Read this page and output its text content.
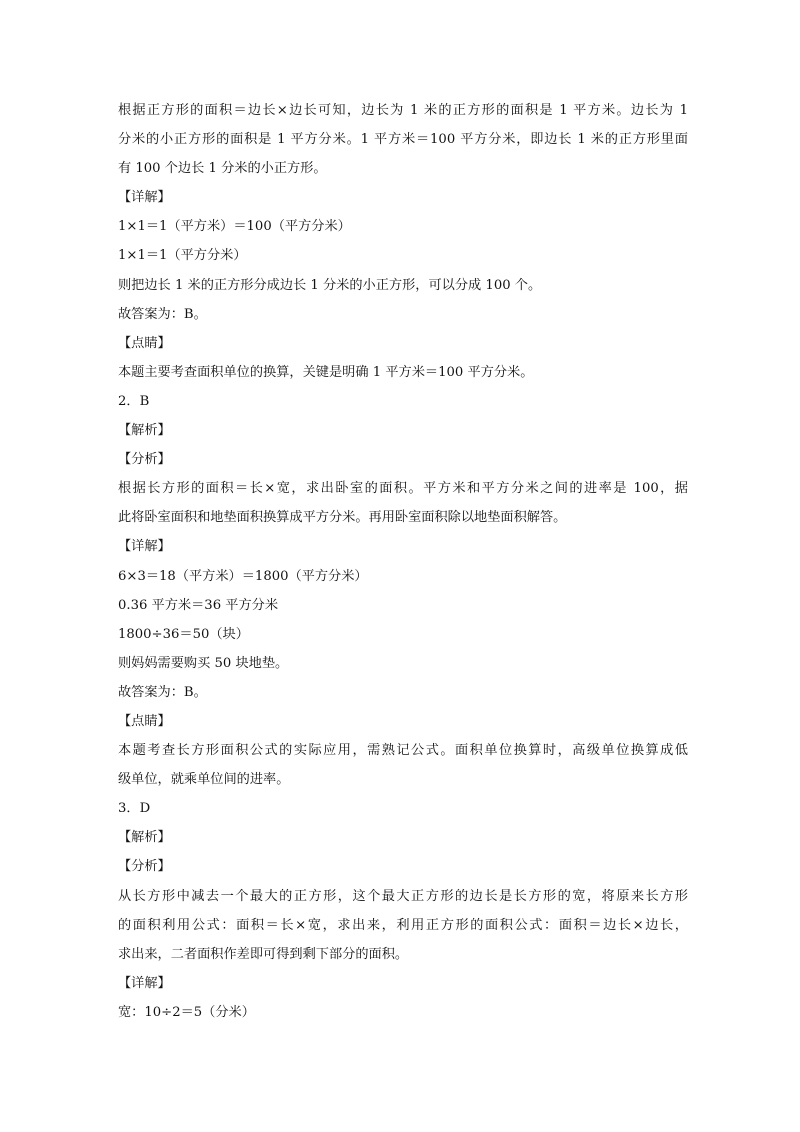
根据正方形的面积＝边长×边长可知，边长为 1 米的正方形的面积是 1 平方米。边长为 1
分米的小正方形的面积是 1 平方分米。1 平方米＝100 平方分米，即边长 1 米的正方形里面
有 100 个边长 1 分米的小正方形。
【详解】
1×1＝1（平方米）＝100（平方分米）
1×1＝1（平方分米）
则把边长 1 米的正方形分成边长 1 分米的小正方形，可以分成 100 个。
故答案为：B。
【点睛】
本题主要考查面积单位的换算，关键是明确 1 平方米＝100 平方分米。
2．B
【解析】
【分析】
根据长方形的面积＝长×宽，求出卧室的面积。平方米和平方分米之间的进率是 100，据
此将卧室面积和地垫面积换算成平方分米。再用卧室面积除以地垫面积解答。
【详解】
6×3＝18（平方米）＝1800（平方分米）
0.36 平方米＝36 平方分米
1800÷36＝50（块）
则妈妈需要购买 50 块地垫。
故答案为：B。
【点睛】
本题考查长方形面积公式的实际应用，需熟记公式。面积单位换算时，高级单位换算成低
级单位，就乘单位间的进率。
3．D
【解析】
【分析】
从长方形中减去一个最大的正方形，这个最大正方形的边长是长方形的宽，将原来长方形
的面积利用公式：面积＝长×宽，求出来，利用正方形的面积公式：面积＝边长×边长，
求出来，二者面积作差即可得到剩下部分的面积。
【详解】
宽：10÷2＝5（分米）
